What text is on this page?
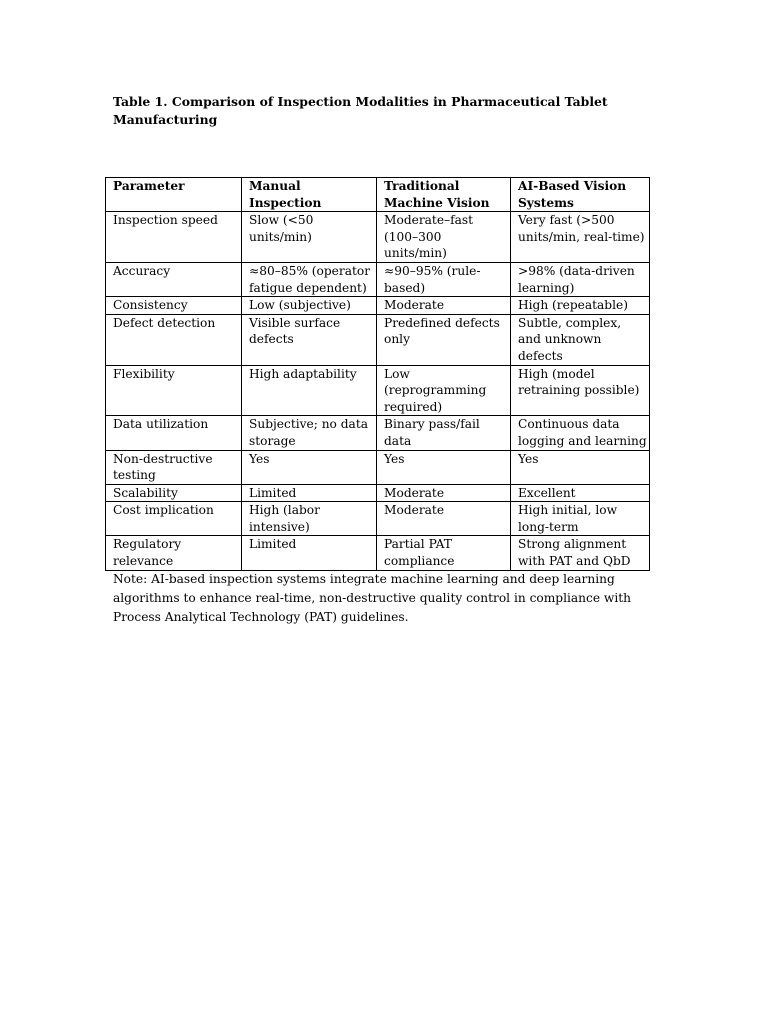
Table 1. Comparison of Inspection Modalities in Pharmaceutical Tablet Manufacturing
Parameter	Manual Inspection	Traditional Machine Vision	AI-Based Vision Systems
Inspection speed	Slow (<50 units/min)	Moderate–fast (100–300 units/min)	Very fast (>500 units/min, real-time)
Accuracy	≈80–85% (operator fatigue dependent)	≈90–95% (rule-based)	>98% (data-driven learning)
Consistency	Low (subjective)	Moderate	High (repeatable)
Defect detection	Visible surface defects	Predefined defects only	Subtle, complex, and unknown defects
Flexibility	High adaptability	Low (reprogramming required)	High (model retraining possible)
Data utilization	Subjective; no data storage	Binary pass/fail data	Continuous data logging and learning
Non-destructive testing	Yes	Yes	Yes
Scalability	Limited	Moderate	Excellent
Cost implication	High (labor intensive)	Moderate	High initial, low long-term
Regulatory relevance	Limited	Partial PAT compliance	Strong alignment with PAT and QbD
Note: AI-based inspection systems integrate machine learning and deep learning algorithms to enhance real-time, non-destructive quality control in compliance with Process Analytical Technology (PAT) guidelines.
